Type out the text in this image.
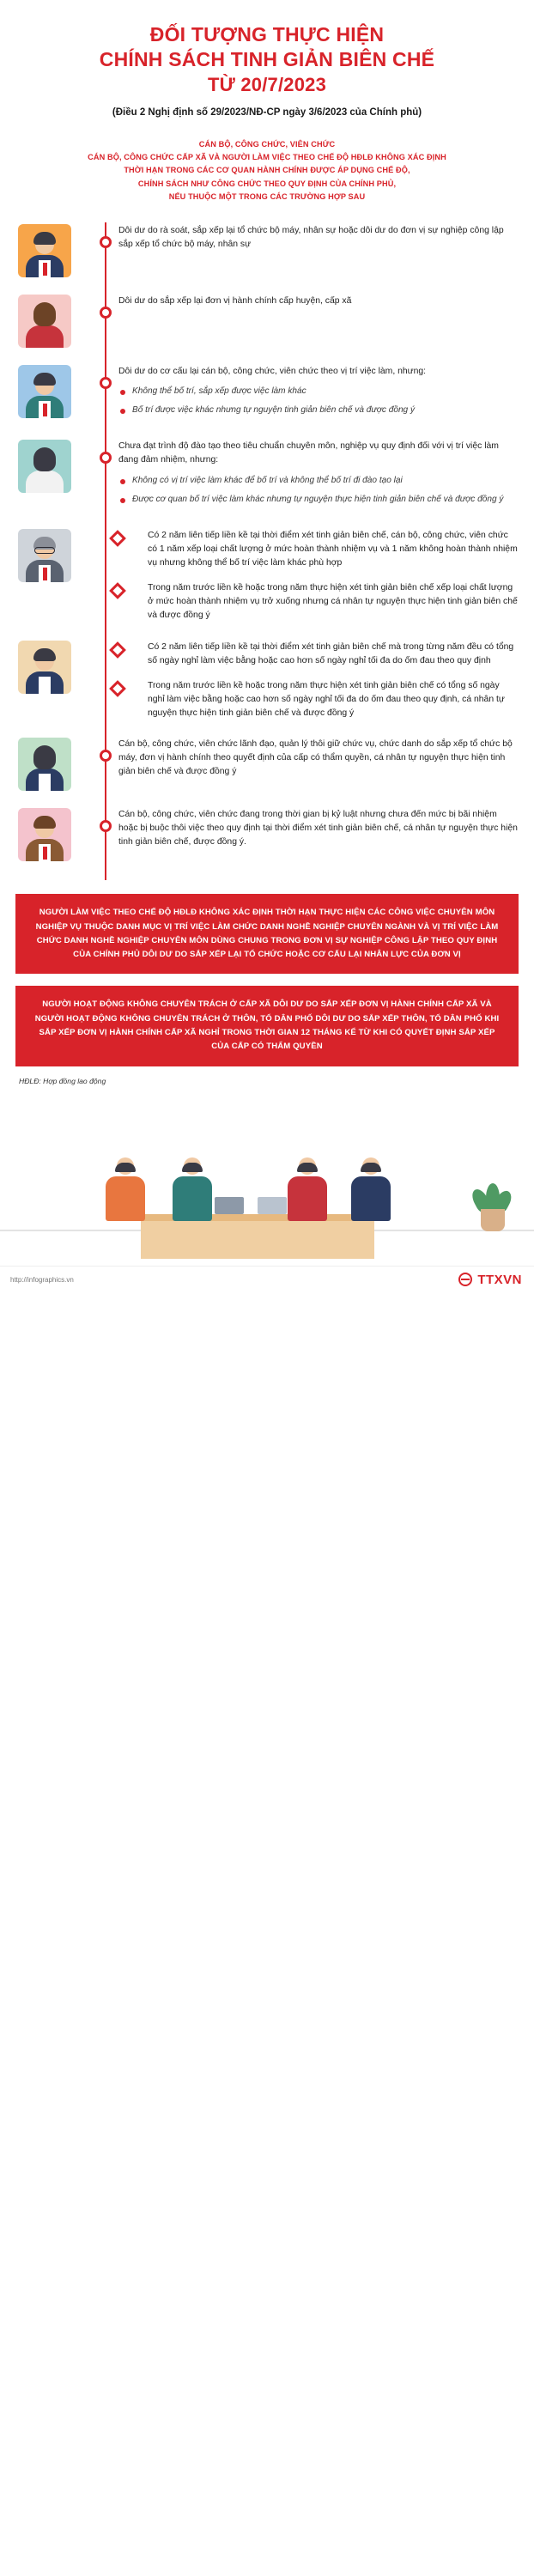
ĐỐI TƯỢNG THỰC HIỆN
CHÍNH SÁCH TINH GIẢN BIÊN CHẾ
TỪ 20/7/2023
(Điều 2 Nghị định số 29/2023/NĐ-CP ngày 3/6/2023 của Chính phủ)
CÁN BỘ, CÔNG CHỨC, VIÊN CHỨC
CÁN BỘ, CÔNG CHỨC CẤP XÃ VÀ NGƯỜI LÀM VIỆC THEO CHẾ ĐỘ HĐLĐ KHÔNG XÁC ĐỊNH
THỜI HẠN TRONG CÁC CƠ QUAN HÀNH CHÍNH ĐƯỢC ÁP DỤNG CHẾ ĐỘ,
CHÍNH SÁCH NHƯ CÔNG CHỨC THEO QUY ĐỊNH CỦA CHÍNH PHỦ,
NẾU THUỘC MỘT TRONG CÁC TRƯỜNG HỢP SAU
Dôi dư do rà soát, sắp xếp lại tổ chức bộ máy, nhân sự hoặc dôi dư do đơn vị sự nghiệp công lập sắp xếp tổ chức bộ máy, nhân sự
Dôi dư do sắp xếp lại đơn vị hành chính cấp huyện, cấp xã
Dôi dư do cơ cấu lại cán bộ, công chức, viên chức theo vị trí việc làm, nhưng:
Không thể bố trí, sắp xếp được việc làm khác
Bố trí được việc khác nhưng tự nguyện tinh giản biên chế và được đồng ý
Chưa đạt trình độ đào tạo theo tiêu chuẩn chuyên môn, nghiệp vụ quy định đối với vị trí việc làm đang đảm nhiệm, nhưng:
Không có vị trí việc làm khác để bố trí và không thể bố trí đi đào tạo lại
Được cơ quan bố trí việc làm khác nhưng tự nguyện thực hiện tinh giản biên chế và được đồng ý
Có 2 năm liên tiếp liền kề tại thời điểm xét tinh giản biên chế, cán bộ, công chức, viên chức có 1 năm xếp loại chất lượng ở mức hoàn thành nhiệm vụ và 1 năm không hoàn thành nhiệm vụ nhưng không thể bố trí việc làm khác phù hợp
Trong năm trước liền kề hoặc trong năm thực hiện xét tinh giản biên chế xếp loại chất lượng ở mức hoàn thành nhiệm vụ trở xuống nhưng cá nhân tự nguyện thực hiện tinh giản biên chế và được đồng ý
Có 2 năm liên tiếp liền kề tại thời điểm xét tinh giản biên chế mà trong từng năm đều có tổng số ngày nghỉ làm việc bằng hoặc cao hơn số ngày nghỉ tối đa do ốm đau theo quy định
Trong năm trước liền kề hoặc trong năm thực hiện xét tinh giản biên chế có tổng số ngày nghỉ làm việc bằng hoặc cao hơn số ngày nghỉ tối đa do ốm đau theo quy định, cá nhân tự nguyện thực hiện tinh giản biên chế và được đồng ý
Cán bộ, công chức, viên chức lãnh đạo, quản lý thôi giữ chức vụ, chức danh do sắp xếp tổ chức bộ máy, đơn vị hành chính theo quyết định của cấp có thẩm quyền, cá nhân tự nguyện thực hiện tinh giản biên chế và được đồng ý
Cán bộ, công chức, viên chức đang trong thời gian bị kỷ luật nhưng chưa đến mức bị bãi nhiệm hoặc bị buộc thôi việc theo quy định tại thời điểm xét tinh giản biên chế, cá nhân tự nguyện thực hiện tinh giản biên chế, được đồng ý.
NGƯỜI LÀM VIỆC THEO CHẾ ĐỘ HĐLĐ KHÔNG XÁC ĐỊNH THỜI HẠN THỰC HIỆN CÁC CÔNG VIỆC CHUYÊN MÔN NGHIỆP VỤ THUỘC DANH MỤC VỊ TRÍ VIỆC LÀM CHỨC DANH NGHỀ NGHIỆP CHUYÊN NGÀNH VÀ VỊ TRÍ VIỆC LÀM CHỨC DANH NGHỀ NGHIỆP CHUYÊN MÔN DÙNG CHUNG TRONG ĐƠN VỊ SỰ NGHIỆP CÔNG LẬP THEO QUY ĐỊNH CỦA CHÍNH PHỦ DÔI DƯ DO SẮP XẾP LẠI TỔ CHỨC HOẶC CƠ CẤU LẠI NHÂN LỰC CỦA ĐƠN VỊ
NGƯỜI HOẠT ĐỘNG KHÔNG CHUYÊN TRÁCH Ở CẤP XÃ DÔI DƯ DO SẮP XẾP ĐƠN VỊ HÀNH CHÍNH CẤP XÃ VÀ NGƯỜI HOẠT ĐỘNG KHÔNG CHUYÊN TRÁCH Ở THÔN, TỔ DÂN PHỐ DÔI DƯ DO SẮP XẾP THÔN, TỔ DÂN PHỐ KHI SẮP XẾP ĐƠN VỊ HÀNH CHÍNH CẤP XÃ NGHỈ TRONG THỜI GIAN 12 THÁNG KỂ TỪ KHI CÓ QUYẾT ĐỊNH SẮP XẾP CỦA CẤP CÓ THẨM QUYỀN
HĐLĐ: Hợp đồng lao động
http://infographics.vn	TTXVN
